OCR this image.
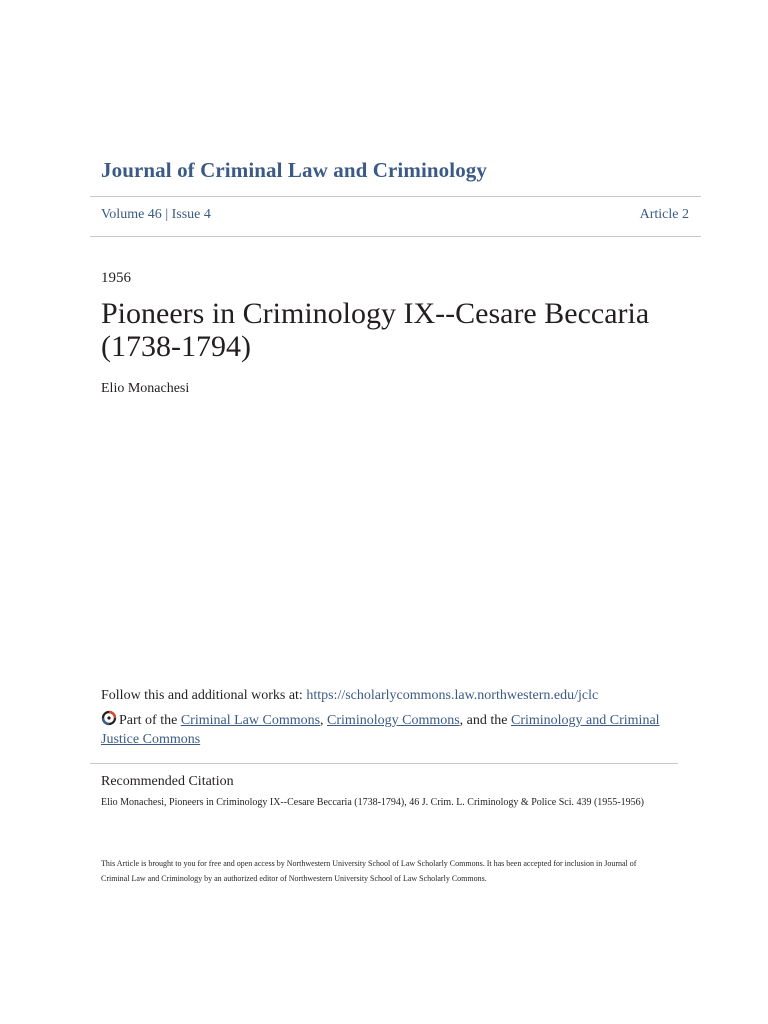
Journal of Criminal Law and Criminology
Volume 46 | Issue 4	Article 2
1956
Pioneers in Criminology IX--Cesare Beccaria (1738-1794)
Elio Monachesi
Follow this and additional works at: https://scholarlycommons.law.northwestern.edu/jclc
Part of the Criminal Law Commons, Criminology Commons, and the Criminology and Criminal Justice Commons
Recommended Citation
Elio Monachesi, Pioneers in Criminology IX--Cesare Beccaria (1738-1794), 46 J. Crim. L. Criminology & Police Sci. 439 (1955-1956)
This Article is brought to you for free and open access by Northwestern University School of Law Scholarly Commons. It has been accepted for inclusion in Journal of Criminal Law and Criminology by an authorized editor of Northwestern University School of Law Scholarly Commons.
